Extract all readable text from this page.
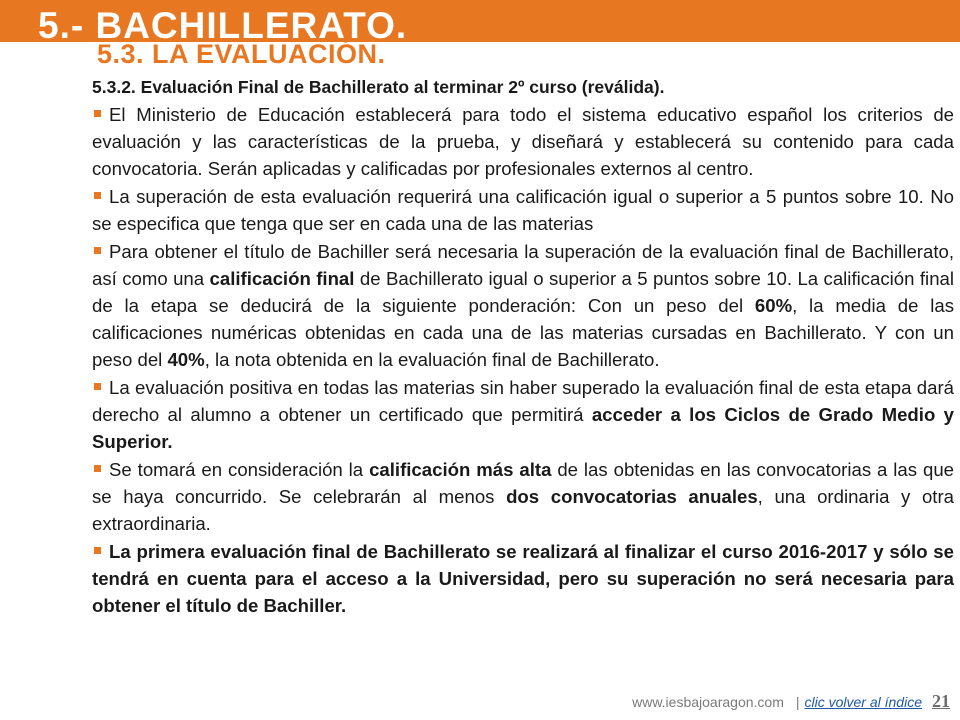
5.- BACHILLERATO.
5.3. LA EVALUACIÓN.
5.3.2. Evaluación Final de Bachillerato al terminar 2º curso (reválida).

El Ministerio de Educación establecerá para todo el sistema educativo español los criterios de evaluación y las características de la prueba, y diseñará y establecerá su contenido para cada convocatoria. Serán aplicadas y calificadas por profesionales externos al centro.

La superación de esta evaluación requerirá una calificación igual o superior a 5 puntos sobre 10. No se especifica que tenga que ser en cada una de las materias

Para obtener el título de Bachiller será necesaria la superación de la evaluación final de Bachillerato, así como una calificación final de Bachillerato igual o superior a 5 puntos sobre 10. La calificación final de la etapa se deducirá de la siguiente ponderación: Con un peso del 60%, la media de las calificaciones numéricas obtenidas en cada una de las materias cursadas en Bachillerato. Y con un peso del 40%, la nota obtenida en la evaluación final de Bachillerato.

La evaluación positiva en todas las materias sin haber superado la evaluación final de esta etapa dará derecho al alumno a obtener un certificado que permitirá acceder a los Ciclos de Grado Medio y Superior.

Se tomará en consideración la calificación más alta de las obtenidas en las convocatorias a las que se haya concurrido. Se celebrarán al menos dos convocatorias anuales, una ordinaria y otra extraordinaria.

La primera evaluación final de Bachillerato se realizará al finalizar el curso 2016-2017 y sólo se tendrá en cuenta para el acceso a la Universidad, pero su superación no será necesaria para obtener el título de Bachiller.

www.iesbajoaragon.com | clic volver al índice 21
